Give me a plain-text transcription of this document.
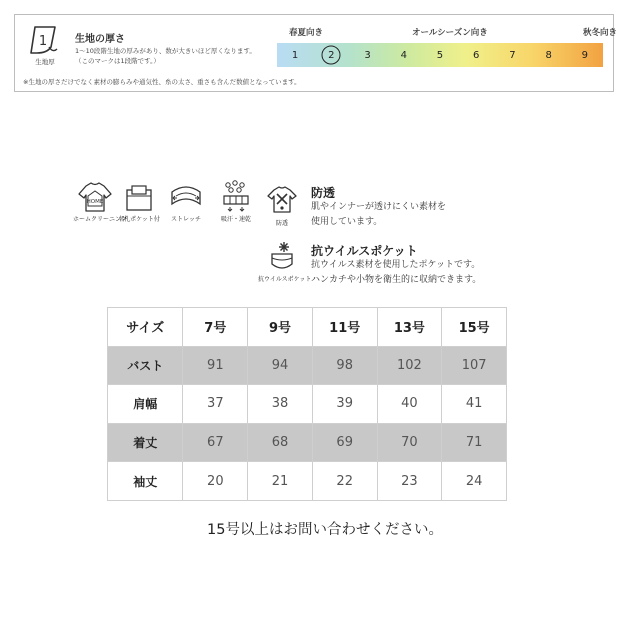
1
生地厚
生地の厚さ
1〜10段階生地の厚みがあり、数が大きいほど厚くなります。
（このマークは1段階です。）
※生地の厚さだけでなく素材の膨らみや通気性、糸の太さ、重さも含んだ数値となっています。
春夏向き	オールシーズン向き	秋冬向き
1	2	3	4	5	6	7	8	9
HOME
ホームクリーニング
名札ポケット付	ストレッチ	吸汗・速乾
防透
防透
肌やインナーが透けにくい素材を
使用しています。
抗ウイルスポケット
抗ウイルスポケット
抗ウイルス素材を使用したポケットです。
ハンカチや小物を衛生的に収納できます。
サイズ	7号	9号	11号	13号	15号
バスト	91	94	98	102	107
肩幅	37	38	39	40	41
着丈	67	68	69	70	71
袖丈	20	21	22	23	24
15号以上はお問い合わせください。
